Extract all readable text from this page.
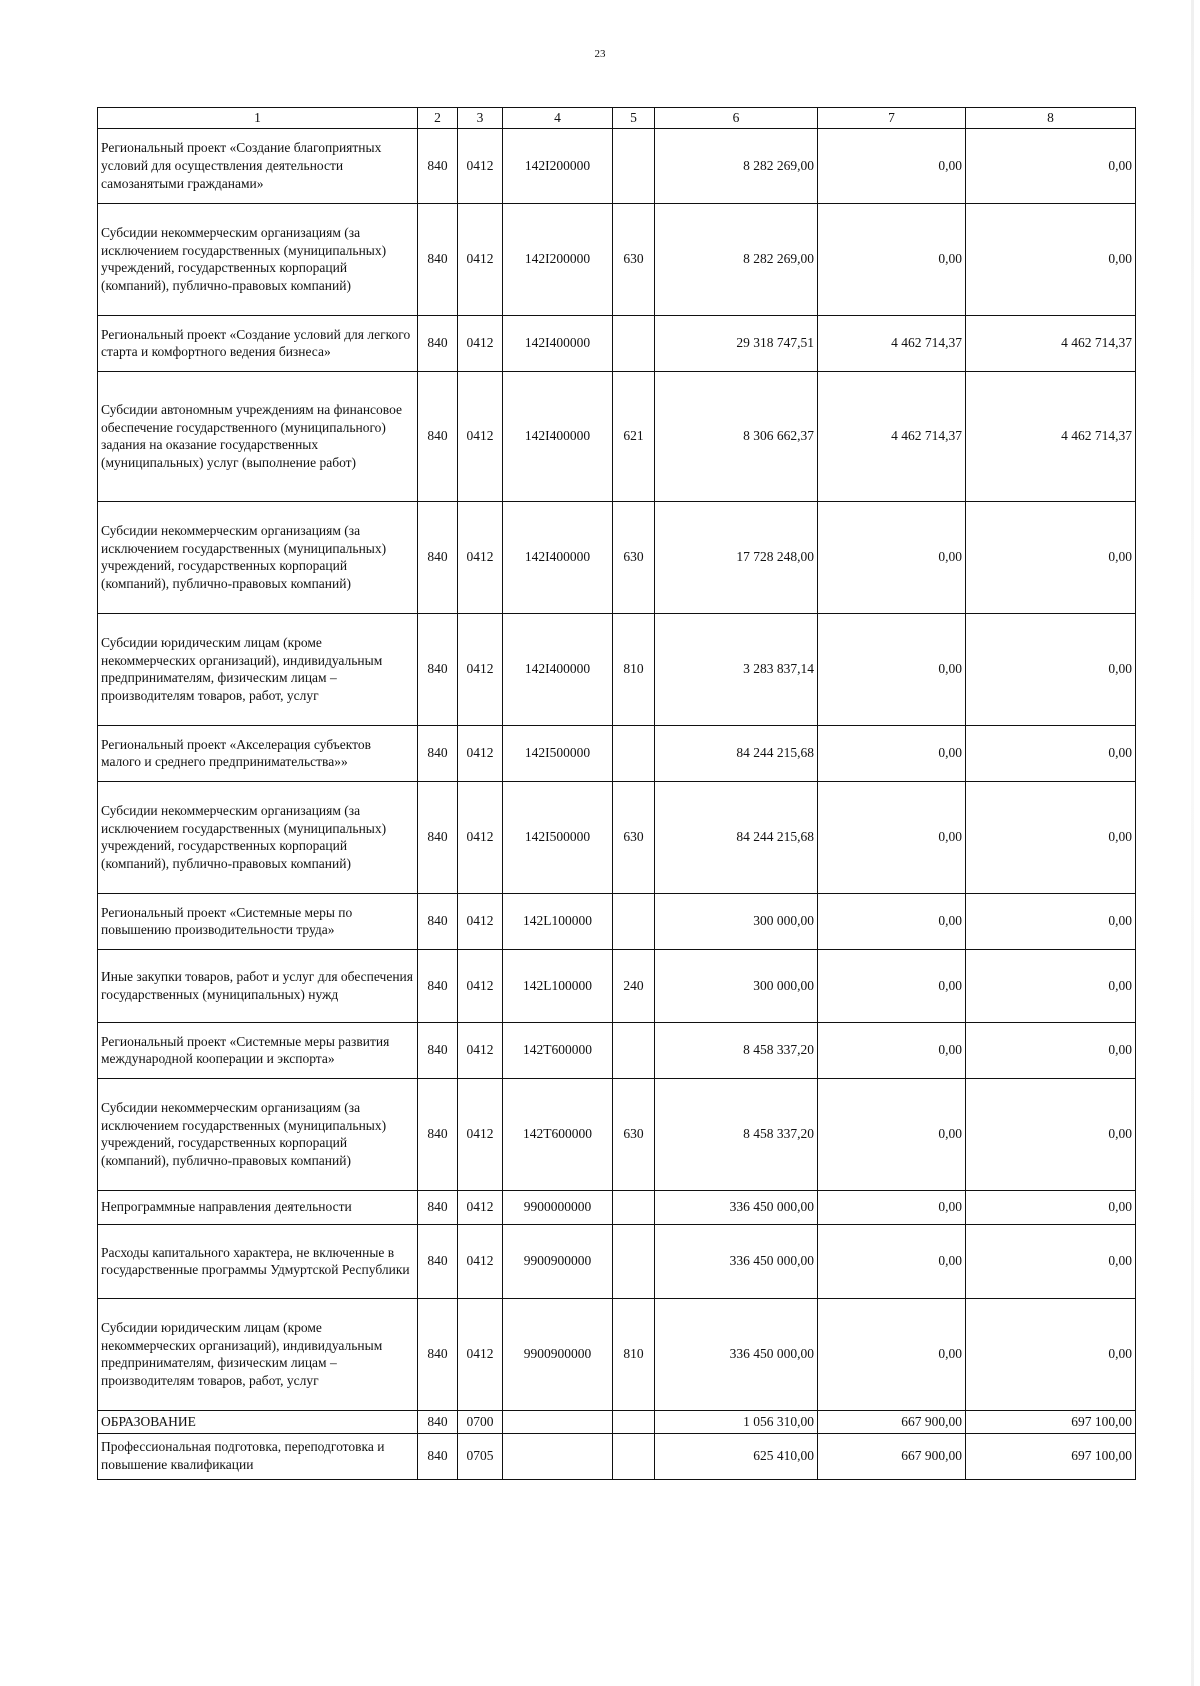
23
1	2	3	4	5	6	7	8
Региональный проект «Создание благоприятных условий для осуществления деятельности самозанятыми гражданами»	840	0412	142I200000		8 282 269,00	0,00	0,00
Субсидии некоммерческим организациям (за исключением государственных (муниципальных) учреждений, государственных корпораций (компаний), публично-правовых компаний)	840	0412	142I200000	630	8 282 269,00	0,00	0,00
Региональный проект «Создание условий для легкого старта и комфортного ведения бизнеса»	840	0412	142I400000		29 318 747,51	4 462 714,37	4 462 714,37
Субсидии автономным учреждениям на финансовое обеспечение государственного (муниципального) задания на оказание государственных (муниципальных) услуг (выполнение работ)	840	0412	142I400000	621	8 306 662,37	4 462 714,37	4 462 714,37
Субсидии некоммерческим организациям (за исключением государственных (муниципальных) учреждений, государственных корпораций (компаний), публично-правовых компаний)	840	0412	142I400000	630	17 728 248,00	0,00	0,00
Субсидии юридическим лицам (кроме некоммерческих организаций), индивидуальным предпринимателям, физическим лицам – производителям товаров, работ, услуг	840	0412	142I400000	810	3 283 837,14	0,00	0,00
Региональный проект «Акселерация субъектов малого и среднего предпринимательства»»	840	0412	142I500000		84 244 215,68	0,00	0,00
Субсидии некоммерческим организациям (за исключением государственных (муниципальных) учреждений, государственных корпораций (компаний), публично-правовых компаний)	840	0412	142I500000	630	84 244 215,68	0,00	0,00
Региональный проект «Системные меры по повышению производительности труда»	840	0412	142L100000		300 000,00	0,00	0,00
Иные закупки товаров, работ и услуг для обеспечения государственных (муниципальных) нужд	840	0412	142L100000	240	300 000,00	0,00	0,00
Региональный проект «Системные меры развития международной кооперации и экспорта»	840	0412	142T600000		8 458 337,20	0,00	0,00
Субсидии некоммерческим организациям (за исключением государственных (муниципальных) учреждений, государственных корпораций (компаний), публично-правовых компаний)	840	0412	142T600000	630	8 458 337,20	0,00	0,00
Непрограммные направления деятельности	840	0412	9900000000		336 450 000,00	0,00	0,00
Расходы капитального характера, не включенные в государственные программы Удмуртской Республики	840	0412	9900900000		336 450 000,00	0,00	0,00
Субсидии юридическим лицам (кроме некоммерческих организаций), индивидуальным предпринимателям, физическим лицам – производителям товаров, работ, услуг	840	0412	9900900000	810	336 450 000,00	0,00	0,00
ОБРАЗОВАНИЕ	840	0700			1 056 310,00	667 900,00	697 100,00
Профессиональная подготовка, переподготовка и повышение квалификации	840	0705			625 410,00	667 900,00	697 100,00
